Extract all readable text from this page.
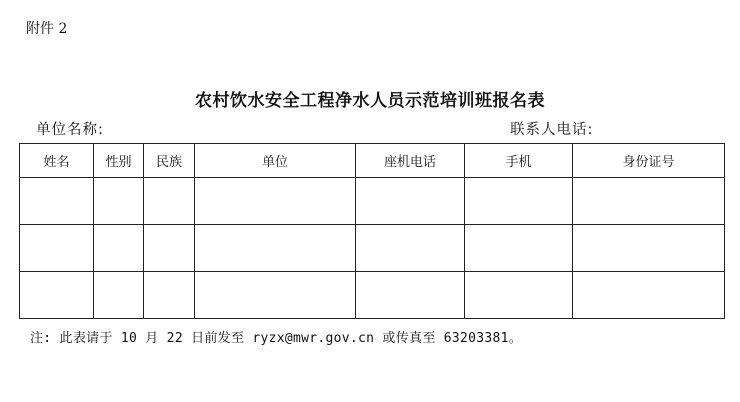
附件 2
农村饮水安全工程净水人员示范培训班报名表
单位名称:	联系人电话:
姓名	性别	民族	单位	座机电话	手机	身份证号

注: 此表请于 10 月 22 日前发至 ryzx@mwr.gov.cn 或传真至 63203381。
